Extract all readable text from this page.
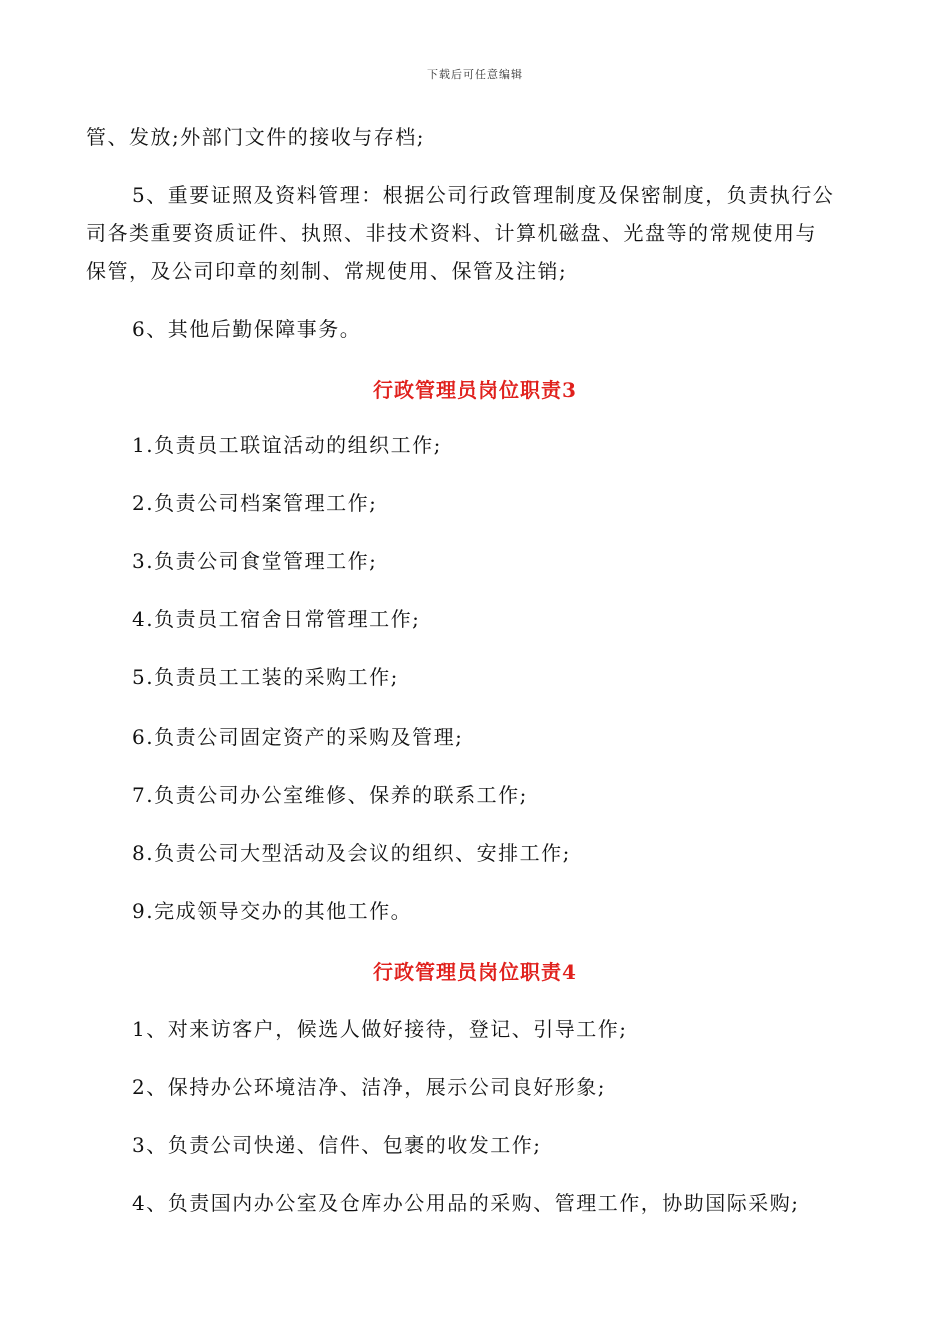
下载后可任意编辑
管、发放;外部门文件的接收与存档;
5、重要证照及资料管理：根据公司行政管理制度及保密制度，负责执行公
司各类重要资质证件、执照、非技术资料、计算机磁盘、光盘等的常规使用与
保管，及公司印章的刻制、常规使用、保管及注销;
6、其他后勤保障事务。
行政管理员岗位职责3
1.负责员工联谊活动的组织工作;
2.负责公司档案管理工作;
3.负责公司食堂管理工作;
4.负责员工宿舍日常管理工作;
5.负责员工工装的采购工作;
6.负责公司固定资产的采购及管理;
7.负责公司办公室维修、保养的联系工作;
8.负责公司大型活动及会议的组织、安排工作;
9.完成领导交办的其他工作。
行政管理员岗位职责4
1、对来访客户，候选人做好接待，登记、引导工作;
2、保持办公环境洁净、洁净，展示公司良好形象;
3、负责公司快递、信件、包裹的收发工作;
4、负责国内办公室及仓库办公用品的采购、管理工作，协助国际采购;
